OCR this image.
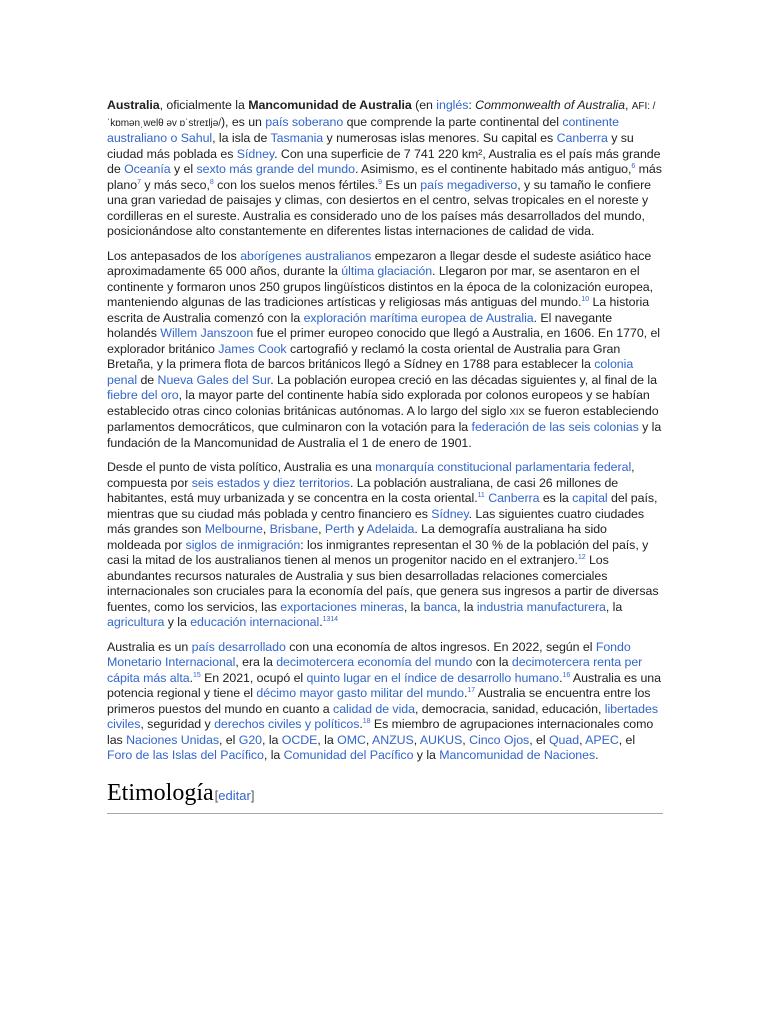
Australia, oficialmente la Mancomunidad de Australia (en inglés: Commonwealth of Australia, AFI: /ˈkɒmənˌwelθ əv ɒˈstreɪljə/), es un país soberano que comprende la parte continental del continente australiano o Sahul, la isla de Tasmania y numerosas islas menores. Su capital es Canberra y su ciudad más poblada es Sídney. Con una superficie de 7 741 220 km², Australia es el país más grande de Oceanía y el sexto más grande del mundo. Asimismo, es el continente habitado más antiguo,$^6$ más plano$^7$ y más seco,$^8$ con los suelos menos fértiles.$^9$ Es un país megadiverso, y su tamaño le confiere una gran variedad de paisajes y climas, con desiertos en el centro, selvas tropicales en el noreste y cordilleras en el sureste. Australia es considerado uno de los países más desarrollados del mundo, posicionándose alto constantemente en diferentes listas internaciones de calidad de vida.

Los antepasados de los aborígenes australianos empezaron a llegar desde el sudeste asiático hace aproximadamente 65 000 años, durante la última glaciación. Llegaron por mar, se asentaron en el continente y formaron unos 250 grupos lingüísticos distintos en la época de la colonización europea, manteniendo algunas de las tradiciones artísticas y religiosas más antiguas del mundo.$^{10}$ La historia escrita de Australia comenzó con la exploración marítima europea de Australia. El navegante holandés Willem Janszoon fue el primer europeo conocido que llegó a Australia, en 1606. En 1770, el explorador británico James Cook cartografió y reclamó la costa oriental de Australia para Gran Bretaña, y la primera flota de barcos británicos llegó a Sídney en 1788 para establecer la colonia penal de Nueva Gales del Sur. La población europea creció en las décadas siguientes y, al final de la fiebre del oro, la mayor parte del continente había sido explorada por colonos europeos y se habían establecido otras cinco colonias británicas autónomas. A lo largo del siglo XIX se fueron estableciendo parlamentos democráticos, que culminaron con la votación para la federación de las seis colonias y la fundación de la Mancomunidad de Australia el 1 de enero de 1901.

Desde el punto de vista político, Australia es una monarquía constitucional parlamentaria federal, compuesta por seis estados y diez territorios. La población australiana, de casi 26 millones de habitantes, está muy urbanizada y se concentra en la costa oriental.$^{11}$ Canberra es la capital del país, mientras que su ciudad más poblada y centro financiero es Sídney. Las siguientes cuatro ciudades más grandes son Melbourne, Brisbane, Perth y Adelaida. La demografía australiana ha sido moldeada por siglos de inmigración: los inmigrantes representan el 30 % de la población del país, y casi la mitad de los australianos tienen al menos un progenitor nacido en el extranjero.$^{12}$ Los abundantes recursos naturales de Australia y sus bien desarrolladas relaciones comerciales internacionales son cruciales para la economía del país, que genera sus ingresos a partir de diversas fuentes, como los servicios, las exportaciones mineras, la banca, la industria manufacturera, la agricultura y la educación internacional.$^{1314}$

Australia es un país desarrollado con una economía de altos ingresos. En 2022, según el Fondo Monetario Internacional, era la decimotercera economía del mundo con la decimotercera renta per cápita más alta.$^{15}$ En 2021, ocupó el quinto lugar en el índice de desarrollo humano.$^{16}$ Australia es una potencia regional y tiene el décimo mayor gasto militar del mundo.$^{17}$ Australia se encuentra entre los primeros puestos del mundo en cuanto a calidad de vida, democracia, sanidad, educación, libertades civiles, seguridad y derechos civiles y políticos.$^{18}$ Es miembro de agrupaciones internacionales como las Naciones Unidas, el G20, la OCDE, la OMC, ANZUS, AUKUS, Cinco Ojos, el Quad, APEC, el Foro de las Islas del Pacífico, la Comunidad del Pacífico y la Mancomunidad de Naciones.

Etimología[editar]
